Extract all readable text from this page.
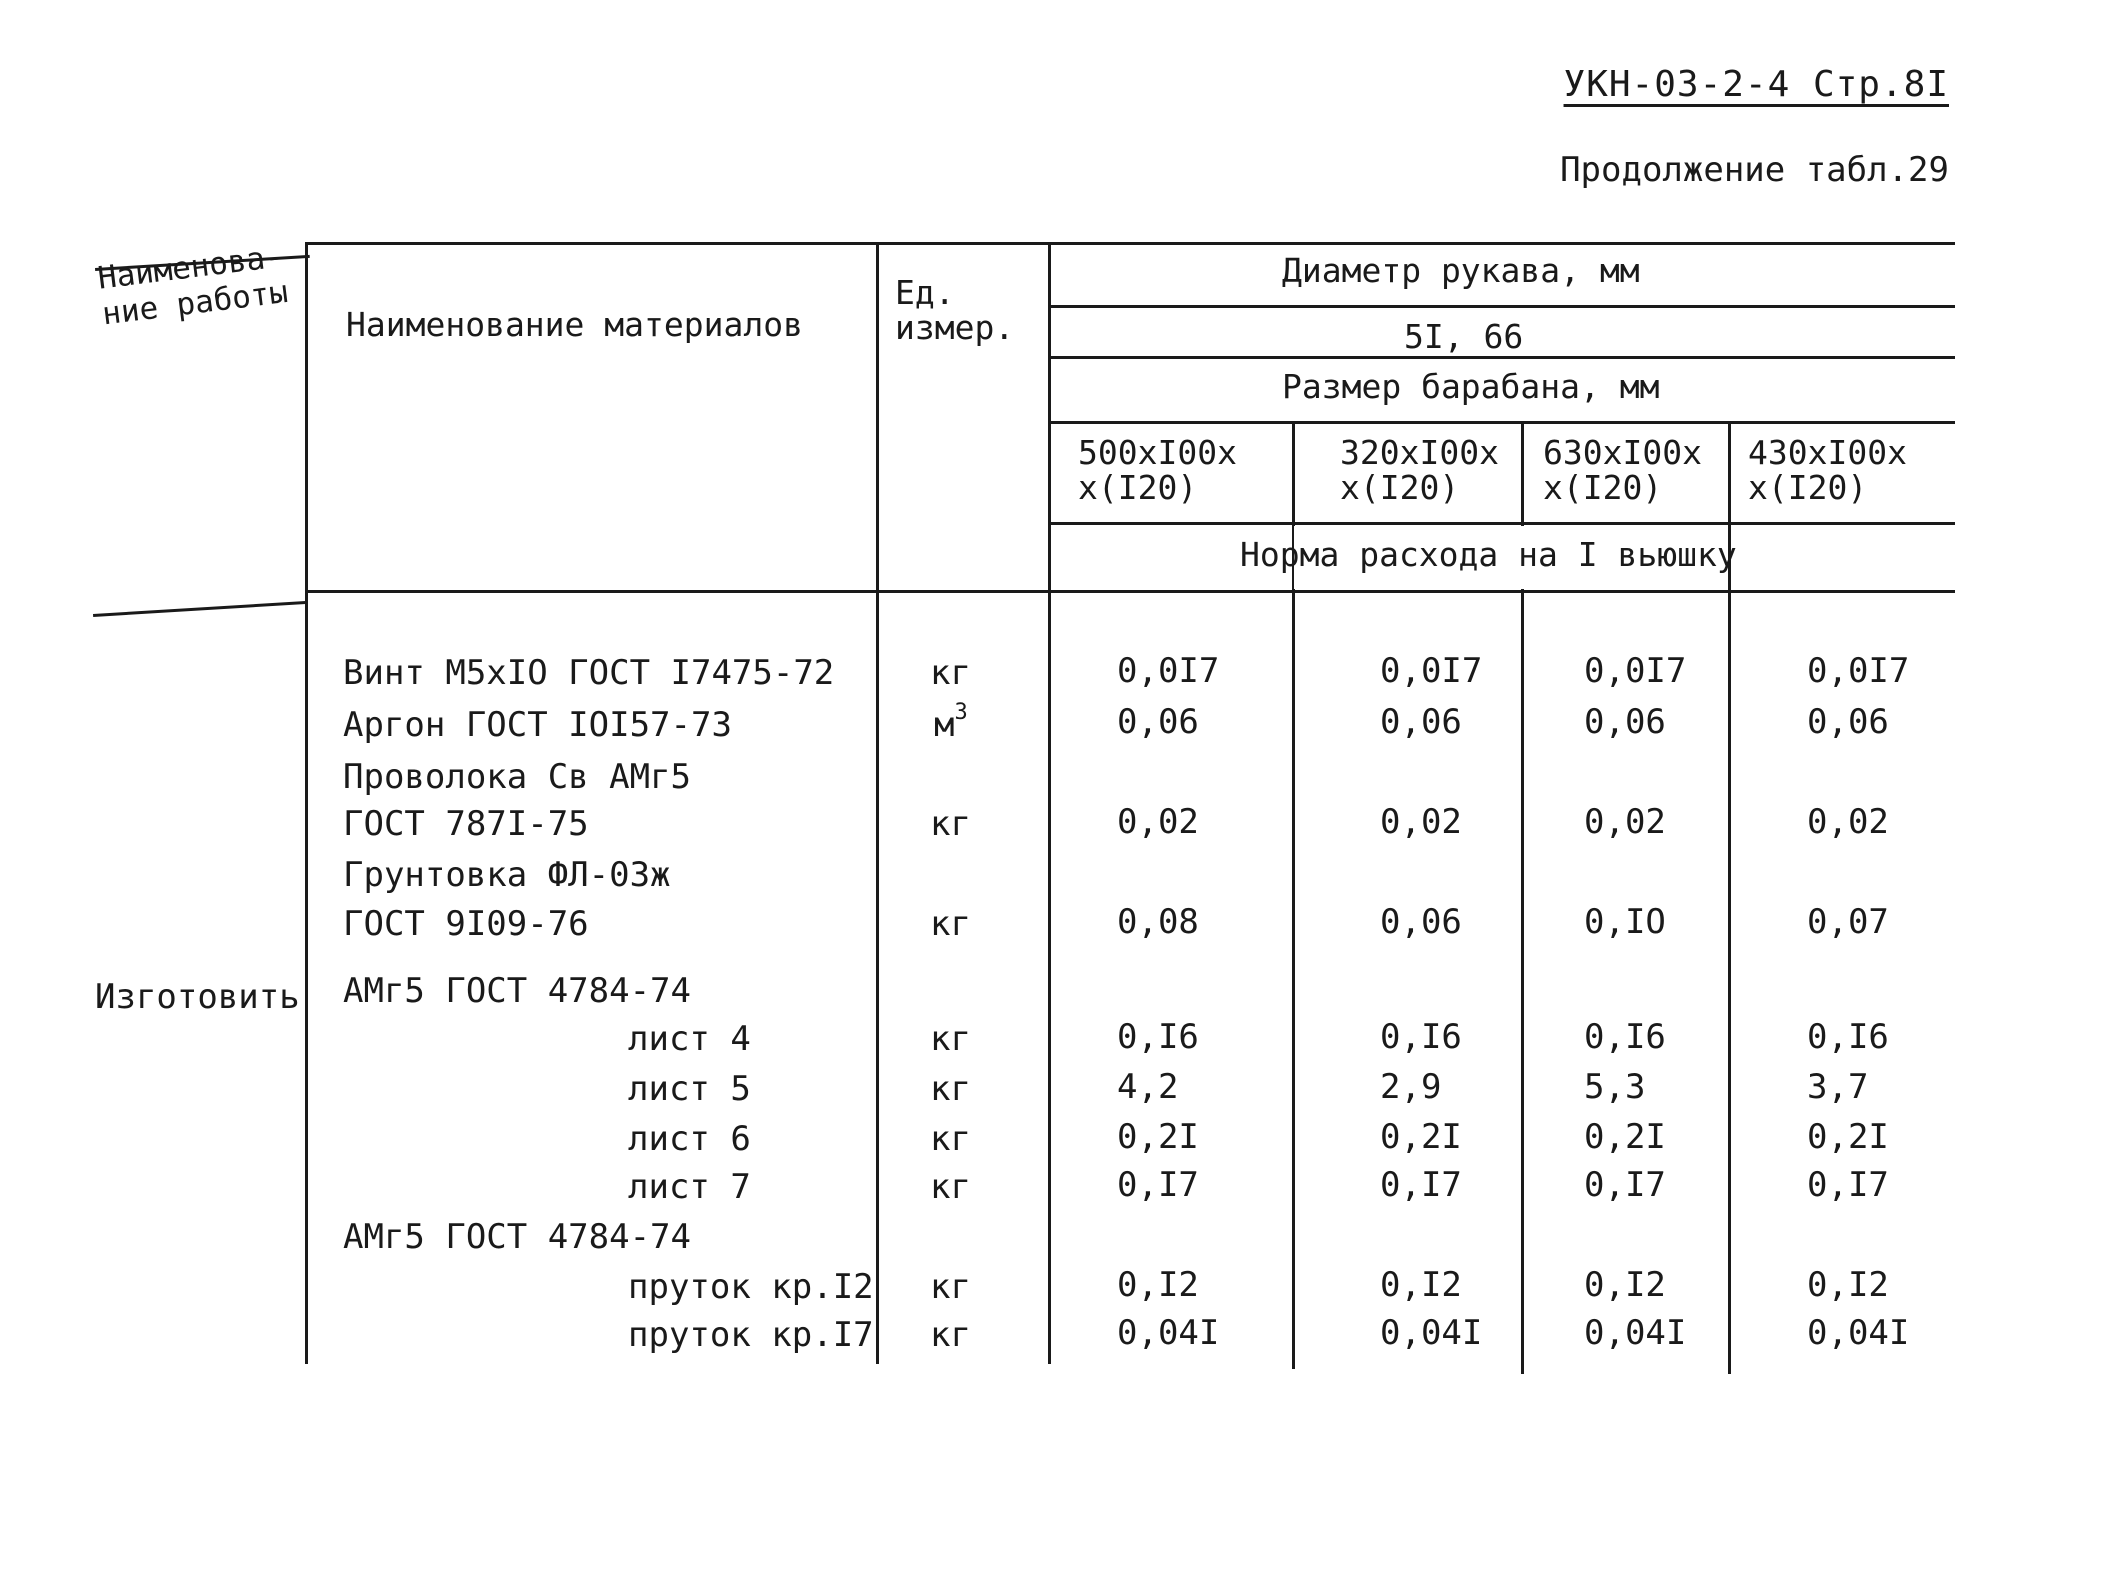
УКН-03-2-4 Стр.8I
Продолжение табл.29
Наименова-
ние работы Наименование материалов
Ед.
измер.
Диаметр рукава, мм
5I, 66
Размер барабана, мм
500xI00x
x(I20)
320xI00x
x(I20)
630xI00x
x(I20)
430xI00x
x(I20)
Норма расхода на I вьюшку
Изготовить
Винт М5хIO ГОСТ I7475-72	кг	0,0I7	0,0I7	0,0I7	0,0I7
Аргон ГОСТ IOI57-73	$м^3$	0,06	0,06	0,06	0,06
Проволока Св АМг5
ГОСТ 787I-75	кг	0,02	0,02	0,02	0,02
Грунтовка ФЛ-03ж
ГОСТ 9I09-76	кг	0,08	0,06	0,IO	0,07
АМг5 ГОСТ 4784-74
лист 4	кг	0,I6	0,I6	0,I6	0,I6
лист 5	кг	4,2	2,9	5,3	3,7
лист 6	кг	0,2I	0,2I	0,2I	0,2I
лист 7	кг	0,I7	0,I7	0,I7	0,I7
АМг5 ГОСТ 4784-74
пруток кр.I2 кг	0,I2	0,I2	0,I2	0,I2
пруток кр.I7 кг	0,04I	0,04I	0,04I	0,04I
